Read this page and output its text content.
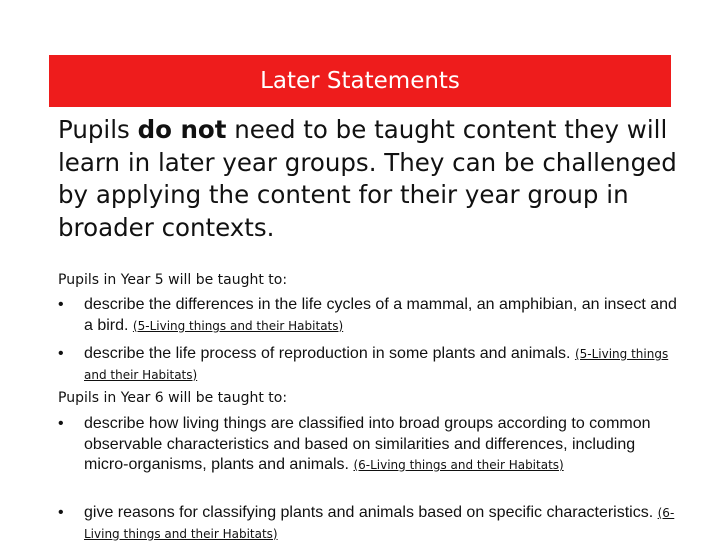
Later Statements
Pupils do not need to be taught content they will learn in later year groups. They can be challenged by applying the content for their year group in broader contexts.
Pupils in Year 5 will be taught to:
• describe the differences in the life cycles of a mammal, an amphibian, an insect and a bird. (5-Living things and their Habitats)
• describe the life process of reproduction in some plants and animals. (5-Living things and their Habitats)
Pupils in Year 6 will be taught to:
• describe how living things are classified into broad groups according to common observable characteristics and based on similarities and differences, including micro-organisms, plants and animals. (6-Living things and their Habitats)
• give reasons for classifying plants and animals based on specific characteristics. (6-Living things and their Habitats)
